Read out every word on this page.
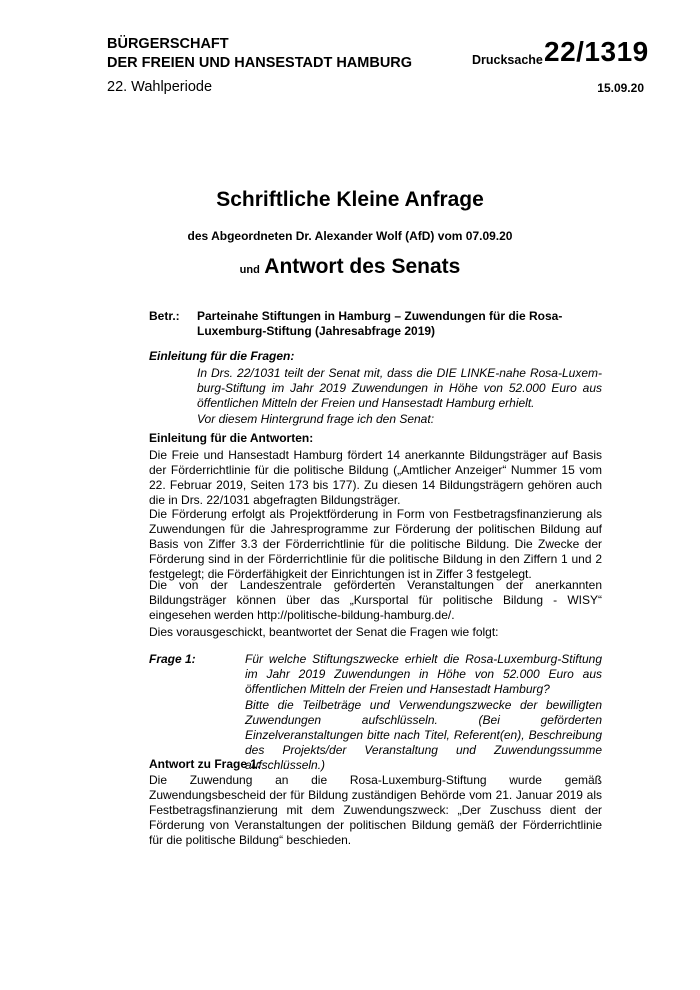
BÜRGERSCHAFT
DER FREIEN UND HANSESTADT HAMBURG
22. Wahlperiode
Drucksache 22/1319
15.09.20
Schriftliche Kleine Anfrage
des Abgeordneten Dr. Alexander Wolf (AfD) vom 07.09.20
und Antwort des Senats
Betr.: Parteinahe Stiftungen in Hamburg – Zuwendungen für die Rosa-Luxemburg-Stiftung (Jahresabfrage 2019)
Einleitung für die Fragen:
In Drs. 22/1031 teilt der Senat mit, dass die DIE LINKE-nahe Rosa-Luxemburg-Stiftung im Jahr 2019 Zuwendungen in Höhe von 52.000 Euro aus öffentlichen Mitteln der Freien und Hansestadt Hamburg erhielt.
Vor diesem Hintergrund frage ich den Senat:
Einleitung für die Antworten:
Die Freie und Hansestadt Hamburg fördert 14 anerkannte Bildungsträger auf Basis der Förderrichtlinie für die politische Bildung („Amtlicher Anzeiger“ Nummer 15 vom 22. Februar 2019, Seiten 173 bis 177). Zu diesen 14 Bildungsträgern gehören auch die in Drs. 22/1031 abgefragten Bildungsträger.
Die Förderung erfolgt als Projektförderung in Form von Festbetragsfinanzierung als Zuwendungen für die Jahresprogramme zur Förderung der politischen Bildung auf Basis von Ziffer 3.3 der Förderrichtlinie für die politische Bildung. Die Zwecke der Förderung sind in der Förderrichtlinie für die politische Bildung in den Ziffern 1 und 2 festgelegt; die Förderfähigkeit der Einrichtungen ist in Ziffer 3 festgelegt.
Die von der Landeszentrale geförderten Veranstaltungen der anerkannten Bildungsträger können über das „Kursportal für politische Bildung - WISY“ eingesehen werden http://politische-bildung-hamburg.de/.
Dies vorausgeschickt, beantwortet der Senat die Fragen wie folgt:
Frage 1:	Für welche Stiftungszwecke erhielt die Rosa-Luxemburg-Stiftung im Jahr 2019 Zuwendungen in Höhe von 52.000 Euro aus öffentlichen Mitteln der Freien und Hansestadt Hamburg?
Bitte die Teilbeträge und Verwendungszwecke der bewilligten Zuwendungen aufschlüsseln. (Bei geförderten Einzelveranstaltungen bitte nach Titel, Referent(en), Beschreibung des Projekts/der Veranstaltung und Zuwendungssumme aufschlüsseln.)
Antwort zu Frage 1:
Die Zuwendung an die Rosa-Luxemburg-Stiftung wurde gemäß Zuwendungsbescheid der für Bildung zuständigen Behörde vom 21. Januar 2019 als Festbetragsfinanzierung mit dem Zuwendungszweck: „Der Zuschuss dient der Förderung von Veranstaltungen der politischen Bildung gemäß der Förderrichtlinie für die politische Bildung“ beschieden.
